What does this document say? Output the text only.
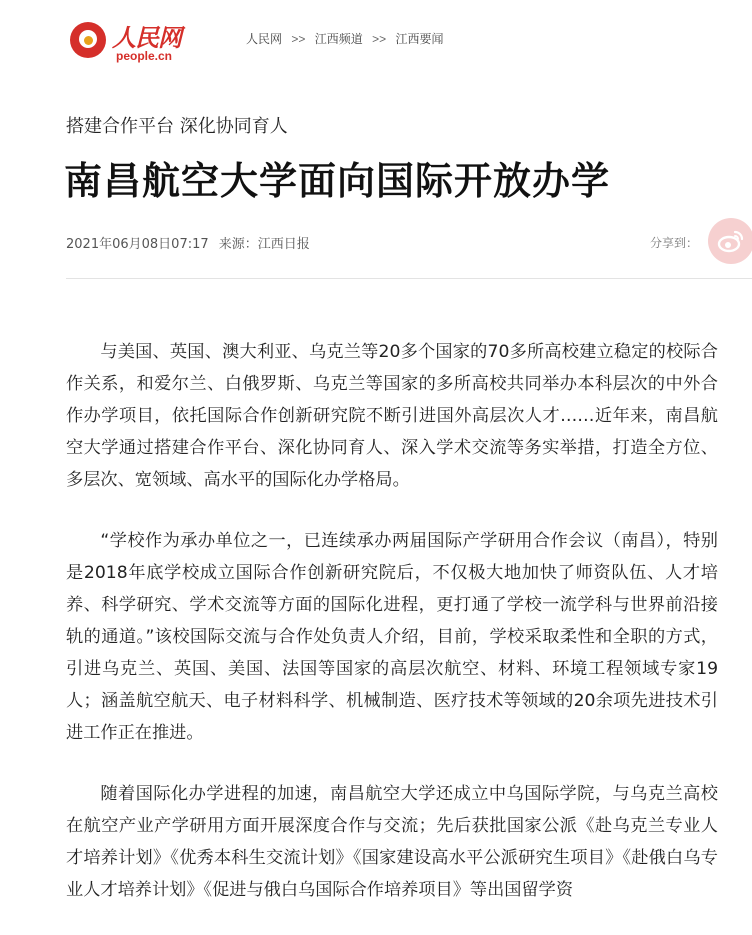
人民网
people.cn
人民网 >> 江西频道 >> 江西要闻
搭建合作平台 深化协同育人
南昌航空大学面向国际开放办学
2021年06月08日07:17 来源：江西日报	分享到：

与美国、英国、澳大利亚、乌克兰等20多个国家的70多所高校建立稳定的校际合作关系，和爱尔兰、白俄罗斯、乌克兰等国家的多所高校共同举办本科层次的中外合作办学项目，依托国际合作创新研究院不断引进国外高层次人才……近年来，南昌航空大学通过搭建合作平台、深化协同育人、深入学术交流等务实举措，打造全方位、多层次、宽领域、高水平的国际化办学格局。

“学校作为承办单位之一，已连续承办两届国际产学研用合作会议（南昌），特别是2018年底学校成立国际合作创新研究院后，不仅极大地加快了师资队伍、人才培养、科学研究、学术交流等方面的国际化进程，更打通了学校一流学科与世界前沿接轨的通道。”该校国际交流与合作处负责人介绍，目前，学校采取柔性和全职的方式，引进乌克兰、英国、美国、法国等国家的高层次航空、材料、环境工程领域专家19人；涵盖航空航天、电子材料科学、机械制造、医疗技术等领域的20余项先进技术引进工作正在推进。

随着国际化办学进程的加速，南昌航空大学还成立中乌国际学院，与乌克兰高校在航空产业产学研用方面开展深度合作与交流；先后获批国家公派《赴乌克兰专业人才培养计划》《优秀本科生交流计划》《国家建设高水平公派研究生项目》《赴俄白乌专业人才培养计划》《促进与俄白乌国际合作培养项目》等出国留学资
